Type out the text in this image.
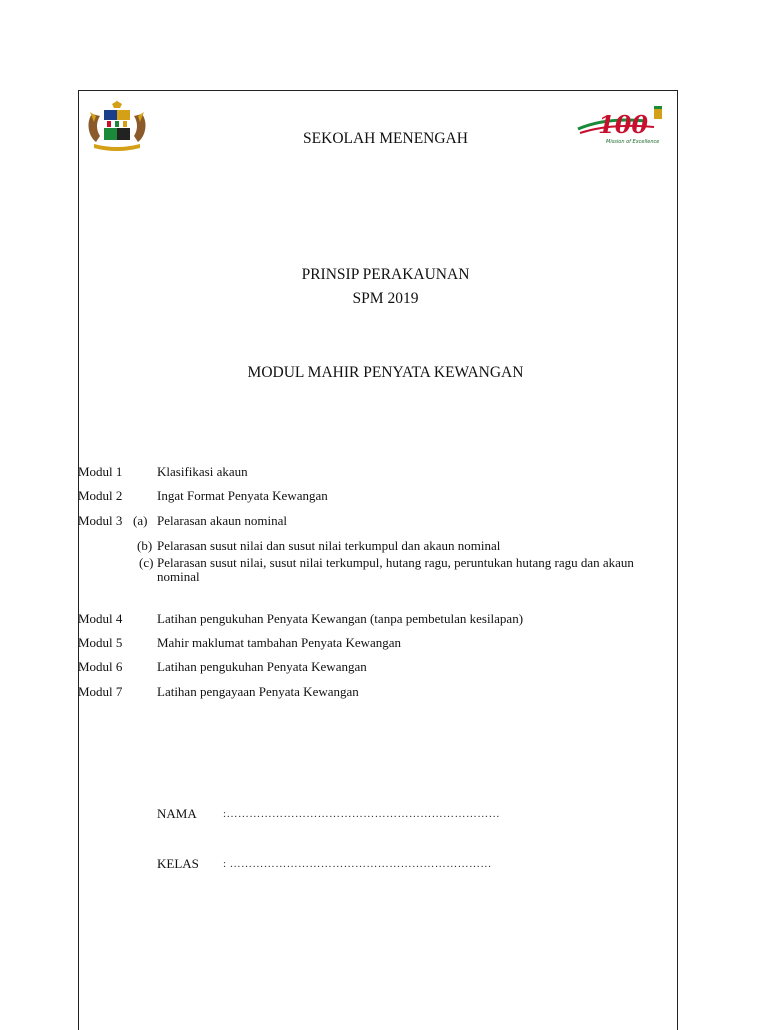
100
Mission of Excellence
SEKOLAH MENENGAH
PRINSIP PERAKAUNAN
SPM 2019
MODUL MAHIR PENYATA KEWANGAN
Modul 1	Klasifikasi akaun
Modul 2	Ingat Format Penyata Kewangan
Modul 3 (a) Pelarasan akaun nominal
(b) Pelarasan susut nilai dan susut nilai terkumpul dan akaun nominal
(c) Pelarasan susut nilai, susut nilai terkumpul, hutang ragu, peruntukan hutang ragu dan akaun nominal
Modul 4	Latihan pengukuhan Penyata Kewangan (tanpa pembetulan kesilapan)
Modul 5	Mahir maklumat tambahan Penyata Kewangan
Modul 6	Latihan pengukuhan Penyata Kewangan
Modul 7	Latihan pengayaan Penyata Kewangan
NAMA :………………………………………………………………
KELAS : ……………………………………………………………
